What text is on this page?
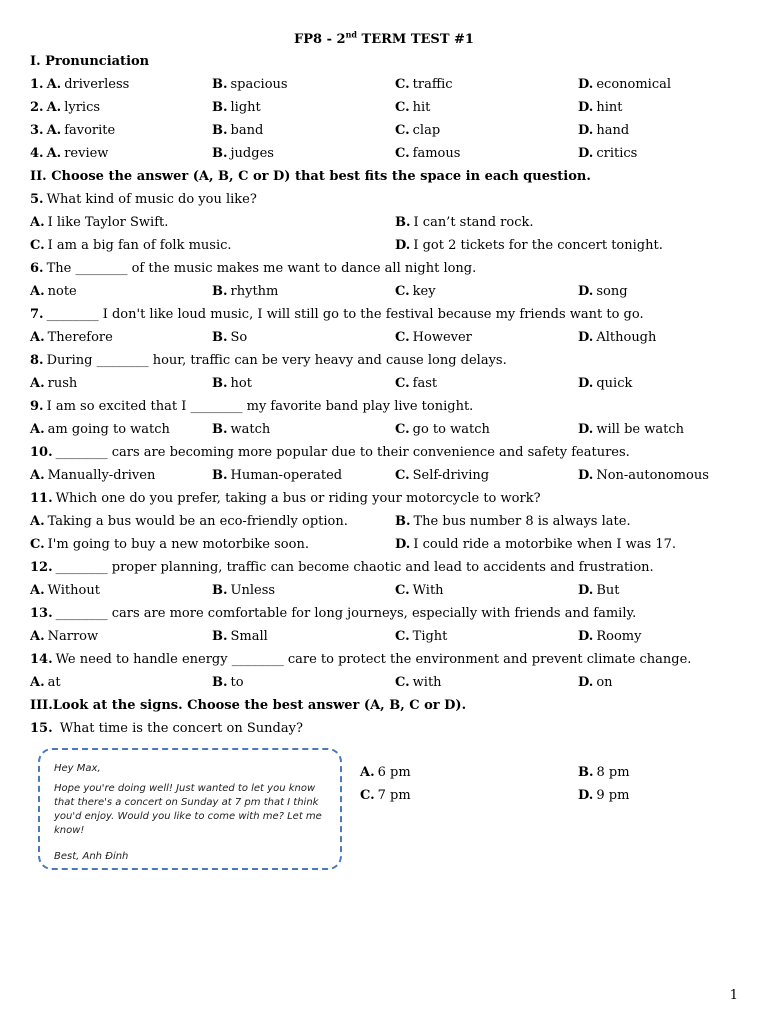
FP8 - 2nd TERM TEST #1
I. Pronunciation
1. A. driverless	B. spacious	C. traffic	D. economical
2. A. lyrics	B. light	C. hit	D. hint
3. A. favorite	B. band	C. clap	D. hand
4. A. review	B. judges	C. famous	D. critics
II. Choose the answer (A, B, C or D) that best fits the space in each question.
5. What kind of music do you like?
A. I like Taylor Swift.	B. I can’t stand rock.
C. I am a big fan of folk music.	D. I got 2 tickets for the concert tonight.
6. The ________ of the music makes me want to dance all night long.
A. note	B. rhythm	C. key	D. song
7. ________ I don't like loud music, I will still go to the festival because my friends want to go.
A. Therefore	B. So	C. However	D. Although
8. During ________ hour, traffic can be very heavy and cause long delays.
A. rush	B. hot	C. fast	D. quick
9. I am so excited that I ________ my favorite band play live tonight.
A. am going to watch	B. watch	C. go to watch	D. will be watch
10. ________ cars are becoming more popular due to their convenience and safety features.
A. Manually-driven	B. Human-operated	C. Self-driving	D. Non-autonomous
11. Which one do you prefer, taking a bus or riding your motorcycle to work?
A. Taking a bus would be an eco-friendly option.	B. The bus number 8 is always late.
C. I'm going to buy a new motorbike soon.	D. I could ride a motorbike when I was 17.
12. ________ proper planning, traffic can become chaotic and lead to accidents and frustration.
A. Without	B. Unless	C. With	D. But
13. ________ cars are more comfortable for long journeys, especially with friends and family.
A. Narrow	B. Small	C. Tight	D. Roomy
14. We need to handle energy ________ care to protect the environment and prevent climate change.
A. at	B. to	C. with	D. on
III.Look at the signs. Choose the best answer (A, B, C or D).
15. What time is the concert on Sunday?
Hey Max,
Hope you're doing well! Just wanted to let you know that there's a concert on Sunday at 7 pm that I think you'd enjoy. Would you like to come with me? Let me know!
Best, Anh Đinh
A. 6 pm	B. 8 pm
C. 7 pm	D. 9 pm
1
